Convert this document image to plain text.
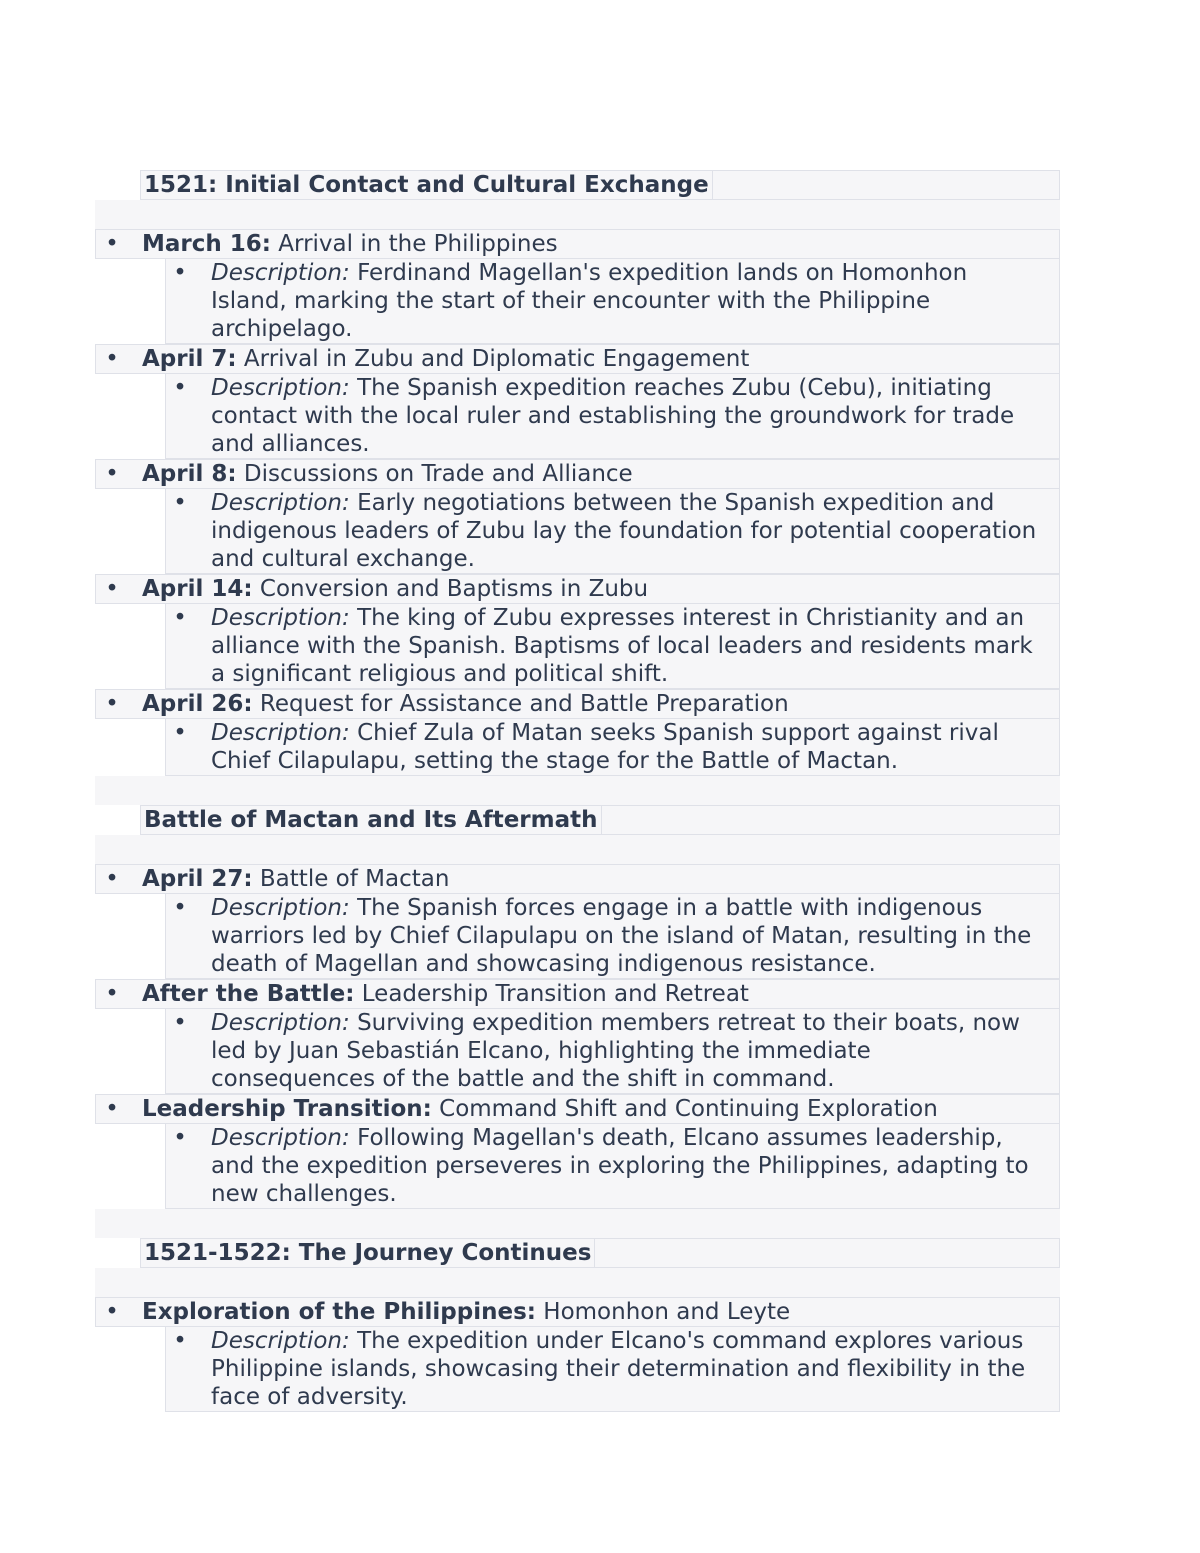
1521: Initial Contact and Cultural Exchange
• March 16: Arrival in the Philippines
• Description: Ferdinand Magellan's expedition lands on Homonhon
Island, marking the start of their encounter with the Philippine
archipelago.
• April 7: Arrival in Zubu and Diplomatic Engagement
• Description: The Spanish expedition reaches Zubu (Cebu), initiating
contact with the local ruler and establishing the groundwork for trade
and alliances.
• April 8: Discussions on Trade and Alliance
• Description: Early negotiations between the Spanish expedition and
indigenous leaders of Zubu lay the foundation for potential cooperation
and cultural exchange.
• April 14: Conversion and Baptisms in Zubu
• Description: The king of Zubu expresses interest in Christianity and an
alliance with the Spanish. Baptisms of local leaders and residents mark
a significant religious and political shift.
• April 26: Request for Assistance and Battle Preparation
• Description: Chief Zula of Matan seeks Spanish support against rival
Chief Cilapulapu, setting the stage for the Battle of Mactan.
Battle of Mactan and Its Aftermath
• April 27: Battle of Mactan
• Description: The Spanish forces engage in a battle with indigenous
warriors led by Chief Cilapulapu on the island of Matan, resulting in the
death of Magellan and showcasing indigenous resistance.
• After the Battle: Leadership Transition and Retreat
• Description: Surviving expedition members retreat to their boats, now
led by Juan Sebastián Elcano, highlighting the immediate
consequences of the battle and the shift in command.
• Leadership Transition: Command Shift and Continuing Exploration
• Description: Following Magellan's death, Elcano assumes leadership,
and the expedition perseveres in exploring the Philippines, adapting to
new challenges.
1521-1522: The Journey Continues
• Exploration of the Philippines: Homonhon and Leyte
• Description: The expedition under Elcano's command explores various
Philippine islands, showcasing their determination and flexibility in the
face of adversity.
